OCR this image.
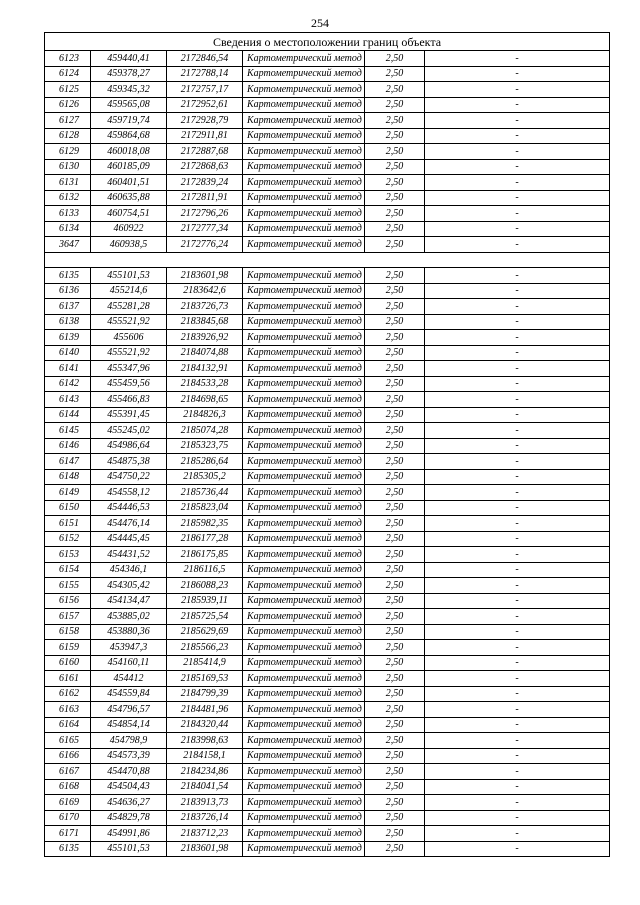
254
Сведения о местоположении границ объекта					
6123	459440,41	2172846,54	Картометрический метод	2,50	-
6124	459378,27	2172788,14	Картометрический метод	2,50	-
6125	459345,32	2172757,17	Картометрический метод	2,50	-
6126	459565,08	2172952,61	Картометрический метод	2,50	-
6127	459719,74	2172928,79	Картометрический метод	2,50	-
6128	459864,68	2172911,81	Картометрический метод	2,50	-
6129	460018,08	2172887,68	Картометрический метод	2,50	-
6130	460185,09	2172868,63	Картометрический метод	2,50	-
6131	460401,51	2172839,24	Картометрический метод	2,50	-
6132	460635,88	2172811,91	Картометрический метод	2,50	-
6133	460754,51	2172796,26	Картометрический метод	2,50	-
6134	460922	2172777,34	Картометрический метод	2,50	-
3647	460938,5	2172776,24	Картометрический метод	2,50	-

6135	455101,53	2183601,98	Картометрический метод	2,50	-
6136	455214,6	2183642,6	Картометрический метод	2,50	-
6137	455281,28	2183726,73	Картометрический метод	2,50	-
6138	455521,92	2183845,68	Картометрический метод	2,50	-
6139	455606	2183926,92	Картометрический метод	2,50	-
6140	455521,92	2184074,88	Картометрический метод	2,50	-
6141	455347,96	2184132,91	Картометрический метод	2,50	-
6142	455459,56	2184533,28	Картометрический метод	2,50	-
6143	455466,83	2184698,65	Картометрический метод	2,50	-
6144	455391,45	2184826,3	Картометрический метод	2,50	-
6145	455245,02	2185074,28	Картометрический метод	2,50	-
6146	454986,64	2185323,75	Картометрический метод	2,50	-
6147	454875,38	2185286,64	Картометрический метод	2,50	-
6148	454750,22	2185305,2	Картометрический метод	2,50	-
6149	454558,12	2185736,44	Картометрический метод	2,50	-
6150	454446,53	2185823,04	Картометрический метод	2,50	-
6151	454476,14	2185982,35	Картометрический метод	2,50	-
6152	454445,45	2186177,28	Картометрический метод	2,50	-
6153	454431,52	2186175,85	Картометрический метод	2,50	-
6154	454346,1	2186116,5	Картометрический метод	2,50	-
6155	454305,42	2186088,23	Картометрический метод	2,50	-
6156	454134,47	2185939,11	Картометрический метод	2,50	-
6157	453885,02	2185725,54	Картометрический метод	2,50	-
6158	453880,36	2185629,69	Картометрический метод	2,50	-
6159	453947,3	2185566,23	Картометрический метод	2,50	-
6160	454160,11	2185414,9	Картометрический метод	2,50	-
6161	454412	2185169,53	Картометрический метод	2,50	-
6162	454559,84	2184799,39	Картометрический метод	2,50	-
6163	454796,57	2184481,96	Картометрический метод	2,50	-
6164	454854,14	2184320,44	Картометрический метод	2,50	-
6165	454798,9	2183998,63	Картометрический метод	2,50	-
6166	454573,39	2184158,1	Картометрический метод	2,50	-
6167	454470,88	2184234,86	Картометрический метод	2,50	-
6168	454504,43	2184041,54	Картометрический метод	2,50	-
6169	454636,27	2183913,73	Картометрический метод	2,50	-
6170	454829,78	2183726,14	Картометрический метод	2,50	-
6171	454991,86	2183712,23	Картометрический метод	2,50	-
6135	455101,53	2183601,98	Картометрический метод	2,50	-
